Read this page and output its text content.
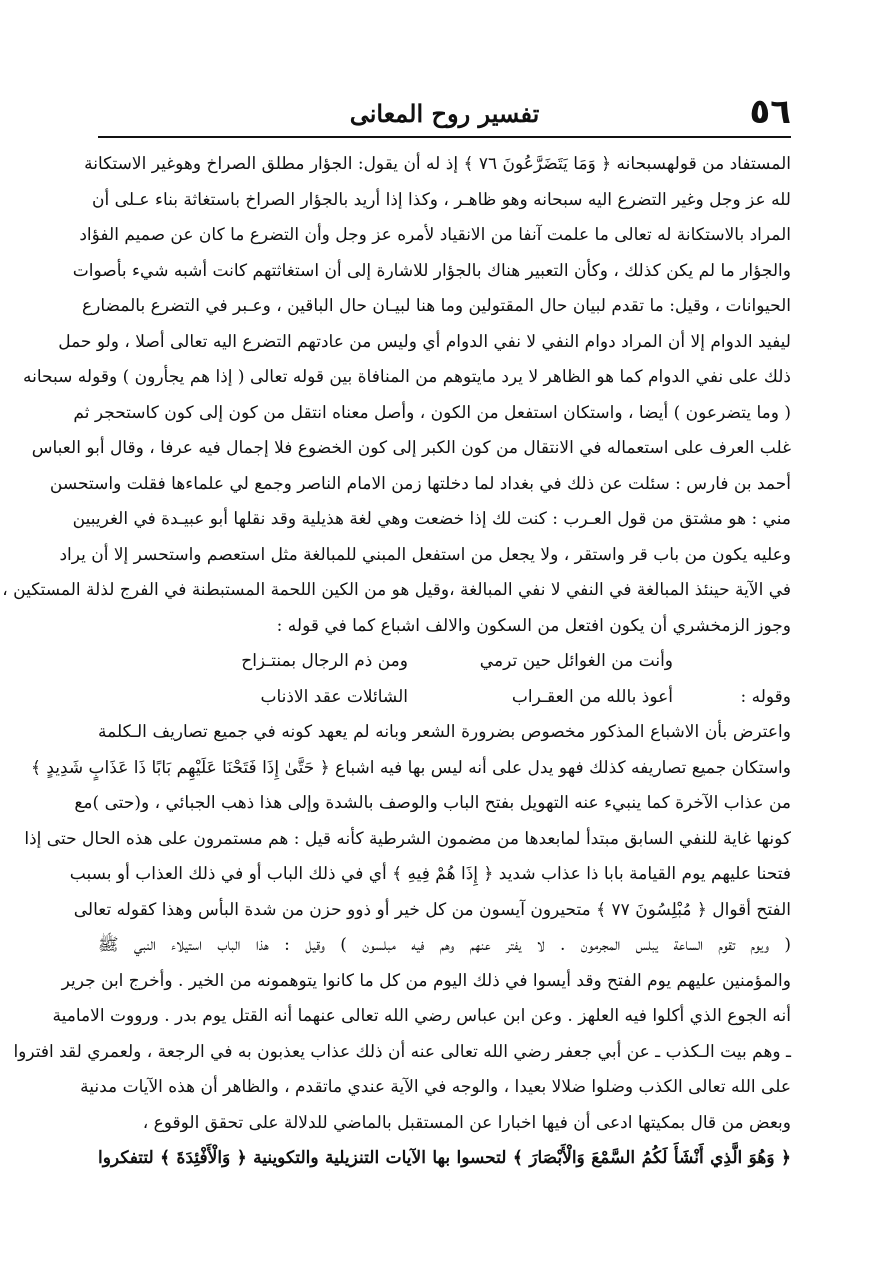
٥٦
تفسير روح المعانى
المستفاد من قولهسبحانه ﴿ وَمَا يَتَضَرَّعُونَ ٧٦ ﴾ إذ له أن يقول: الجؤار مطلق الصراخ وهوغير الاستكانة
لله عز وجل وغير التضرع اليه سبحانه وهو ظاهـر ، وكذا إذا أريد بالجؤار الصراخ باستغاثة بناء عـلى أن
المراد بالاستكانة له تعالى ما علمت آنفا من الانقياد لأمره عز وجل وأن التضرع ما كان عن صميم الفؤاد
والجؤار ما لم يكن كذلك ، وكأن التعبير هناك بالجؤار للاشارة إلى أن استغاثتهم كانت أشبه شيء بأصوات
الحيوانات ، وقيل: ما تقدم لبيان حال المقتولين وما هنا لبيـان حال الباقين ، وعـبر في التضرع بالمضارع
ليفيد الدوام إلا أن المراد دوام النفي لا نفي الدوام أي وليس من عادتهم التضرع اليه تعالى أصلا ، ولو حمل
ذلك على نفي الدوام كما هو الظاهر لا يرد مايتوهم من المنافاة بين قوله تعالى ( إذا هم يجأرون ) وقوله سبحانه
( وما يتضرعون ) أيضا ، واستكان استفعل من الكون ، وأصل معناه انتقل من كون إلى كون كاستحجر ثم
غلب العرف على استعماله في الانتقال من كون الكبر إلى كون الخضوع فلا إجمال فيه عرفا ، وقال أبو العباس
أحمد بن فارس : سئلت عن ذلك في بغداد لما دخلتها زمن الامام الناصر وجمع لي علماءها فقلت واستحسن
مني : هو مشتق من قول العـرب : كنت لك إذا خضعت وهي لغة هذيلية وقد نقلها أبو عبيـدة في الغريبين
وعليه يكون من باب قر واستقر ، ولا يجعل من استفعل المبني للمبالغة مثل استعصم واستحسر إلا أن يراد
في الآية حينئذ المبالغة في النفي لا نفي المبالغة ،وقيل هو من الكين اللحمة المستبطنة في الفرج لذلة المستكين ،
وجوز الزمخشري أن يكون افتعل من السكون والالف اشباع كما في قوله :
وأنت من الغوائل حين ترمي
ومن ذم الرجال بمنتـزاح
وقوله :
أعوذ بالله من العقـراب
الشائلات عقد الاذناب
واعترض بأن الاشباع المذكور مخصوص بضرورة الشعر وبانه لم يعهد كونه في جميع تصاريف الـكلمة
واستكان جميع تصاريفه كذلك فهو يدل على أنه ليس بها فيه اشباع ﴿ حَتَّىٰ إِذَا فَتَحْنَا عَلَيْهِم بَابًا ذَا عَذَابٍ شَدِيدٍ ﴾
من عذاب الآخرة كما ينبيء عنه التهويل بفتح الباب والوصف بالشدة وإلى هذا ذهب الجبائي ، و(حتى )مع
كونها غاية للنفي السابق مبتدأ لمابعدها من مضمون الشرطية كأنه قيل : هم مستمرون على هذه الحال حتى إذا
فتحنا عليهم يوم القيامة بابا ذا عذاب شديد ﴿ إِذَا هُمْ فِيهِ ﴾ أي في ذلك الباب أو في ذلك العذاب أو بسبب
الفتح أقوال ﴿ مُبْلِسُونَ ٧٧ ﴾ متحيرون آيسون من كل خير أو ذوو حزن من شدة البأس وهذا كقوله تعالى
( ويوم تقوم الساعة يبلس المجرمون . لا يفتر عنهم وهم فيه مبلسون ) وقيل : هذا الباب استيلاء النبي ﷺ
والمؤمنين عليهم يوم الفتح وقد أيسوا في ذلك اليوم من كل ما كانوا يتوهمونه من الخير . وأخرج ابن جرير
أنه الجوع الذي أكلوا فيه العلهز . وعن ابن عباس رضي الله تعالى عنهما أنه القتل يوم بدر . ورووت الامامية
ـ وهم بيت الـكذب ـ عن أبي جعفر رضي الله تعالى عنه أن ذلك عذاب يعذبون به في الرجعة ، ولعمري لقد افتروا
على الله تعالى الكذب وضلوا ضلالا بعيدا ، والوجه في الآية عندي ماتقدم ، والظاهر أن هذه الآيات مدنية
وبعض من قال بمكيتها ادعى أن فيها اخبارا عن المستقبل بالماضي للدلالة على تحقق الوقوع ،
﴿ وَهُوَ الَّذِي أَنْشَأَ لَكُمُ السَّمْعَ وَالْأَبْصَارَ ﴾ لتحسوا بها الآيات التنزيلية والتكوينية ﴿ وَالْأَفْئِدَةَ ﴾ لتتفكروا
